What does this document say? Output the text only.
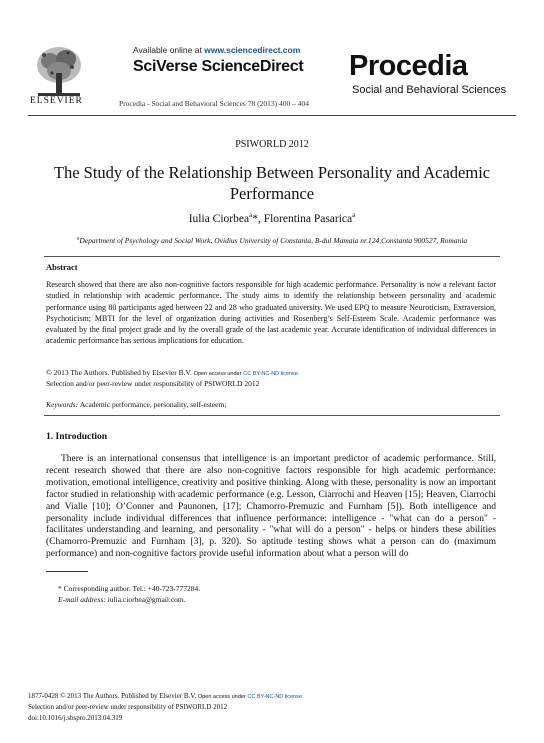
Available online at www.sciencedirect.com
SciVerse ScienceDirect
ELSEVIER
Procedia
Social and Behavioral Sciences
Procedia - Social and Behavioral Sciences 78 (2013) 400 – 404
PSIWORLD 2012
The Study of the Relationship Between Personality and Academic Performance
Iulia Ciorbea$^a$*, Florentina Pasarica$^a$
$^a$Department of Psychology and Social Work, Ovidius University of Constanta, B-dul Mamaia nr.124,Constanta 900527, Romania
Abstract
Research showed that there are also non-cognitive factors responsible for high academic performance. Personality is now a relevant factor studied in relationship with academic performance. The study aims to identify the relationship between personality and academic performance using 80 participants aged between 22 and 28 who graduated university. We used EPQ to measure Neuroticism, Extraversion, Psychoticism; MBTI for the level of organization during activities and Rosenberg’s Self-Esteem Scale. Academic performance was evaluated by the final project grade and by the overall grade of the last academic year. Accurate identification of individual differences in academic performance has serious implications for education.
© 2013 The Authors. Published by Elsevier B.V. Open access under CC BY-NC-ND license.
Selection and/or peer-review under responsibility of PSIWORLD 2012
Keywords: Academic performance, personality, self-esteem;
1. Introduction
There is an international consensus that intelligence is an important predictor of academic performance. Still, recent research showed that there are also non-cognitive factors responsible for high academic performance: motivation, emotional intelligence, creativity and positive thinking. Along with these, personality is now an important factor studied in relationship with academic performance (e.g. Lesson, Ciarrochi and Heaven [15]; Heaven, Ciarrochi and Vialle [10]; O’Conner and Paunonen, [17]; Chamorro-Premuzic and Furnham [5]). Both intelligence and personality include individual differences that influence performance: intelligence - "what can do a person" - facilitates understanding and learning, and personality - "what will do a person" - helps or hinders these abilities (Chamorro-Premuzic and Furnham [3], p. 320). So aptitude testing shows what a person can do (maximum performance) and non-cognitive factors provide useful information about what a person will do
* Corresponding author. Tel.: +40-723-777284.
E-mail address: iulia.ciorbea@gmail.com.
1877-0428 © 2013 The Authors. Published by Elsevier B.V. Open access under CC BY-NC-ND license.
Selection and/or peer-review under responsibility of PSIWORLD 2012
doi:10.1016/j.sbspro.2013.04.319
